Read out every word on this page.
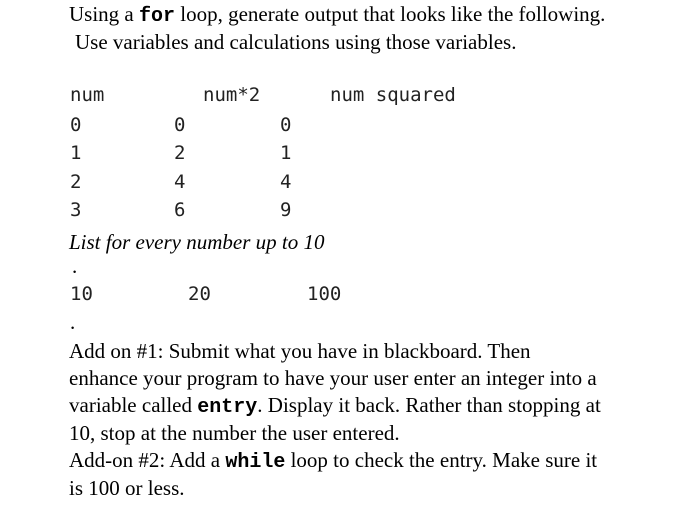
Using a for loop, generate output that looks like the following.
Use variables and calculations using those variables.
num	num*2	num squared
0	0	0
1	2	1
2	4	4
3	6	9
List for every number up to 10
.
10	20	100
.
Add on #1: Submit what you have in blackboard. Then
enhance your program to have your user enter an integer into a
variable called entry. Display it back. Rather than stopping at
10, stop at the number the user entered.
Add-on #2: Add a while loop to check the entry. Make sure it
is 100 or less.
